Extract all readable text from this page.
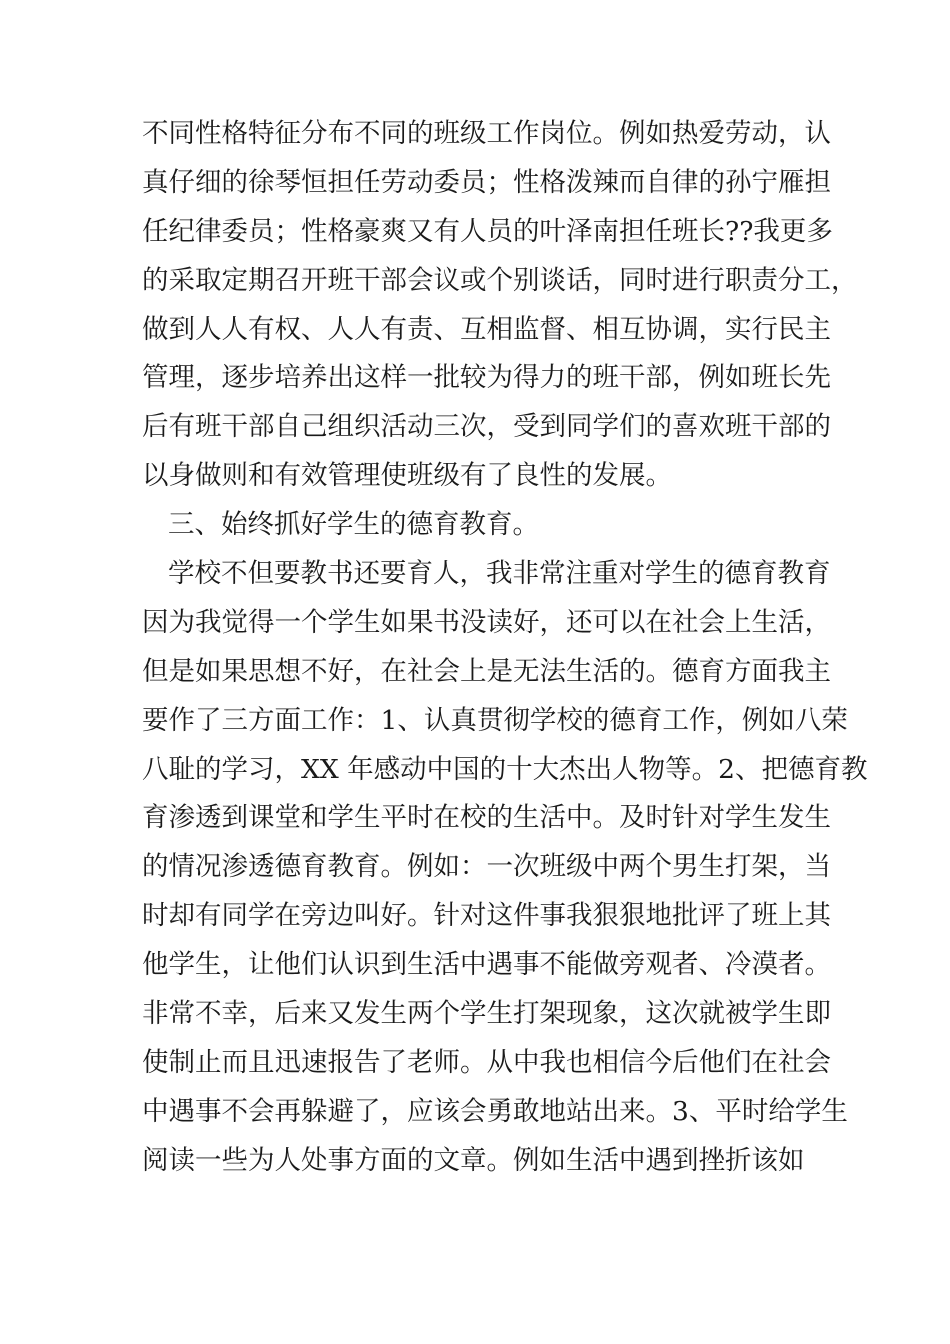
不同性格特征分布不同的班级工作岗位。例如热爱劳动，认
真仔细的徐琴恒担任劳动委员；性格泼辣而自律的孙宁雁担
任纪律委员；性格豪爽又有人员的叶泽南担任班长??我更多
的采取定期召开班干部会议或个别谈话，同时进行职责分工，
做到人人有权、人人有责、互相监督、相互协调，实行民主
管理，逐步培养出这样一批较为得力的班干部，例如班长先
后有班干部自己组织活动三次，受到同学们的喜欢班干部的
以身做则和有效管理使班级有了良性的发展。
三、始终抓好学生的德育教育。
学校不但要教书还要育人，我非常注重对学生的德育教育
因为我觉得一个学生如果书没读好，还可以在社会上生活，
但是如果思想不好，在社会上是无法生活的。德育方面我主
要作了三方面工作：1、认真贯彻学校的德育工作，例如八荣
八耻的学习，XX 年感动中国的十大杰出人物等。2、把德育教
育渗透到课堂和学生平时在校的生活中。及时针对学生发生
的情况渗透德育教育。例如：一次班级中两个男生打架，当
时却有同学在旁边叫好。针对这件事我狠狠地批评了班上其
他学生，让他们认识到生活中遇事不能做旁观者、冷漠者。
非常不幸，后来又发生两个学生打架现象，这次就被学生即
使制止而且迅速报告了老师。从中我也相信今后他们在社会
中遇事不会再躲避了，应该会勇敢地站出来。3、平时给学生
阅读一些为人处事方面的文章。例如生活中遇到挫折该如
